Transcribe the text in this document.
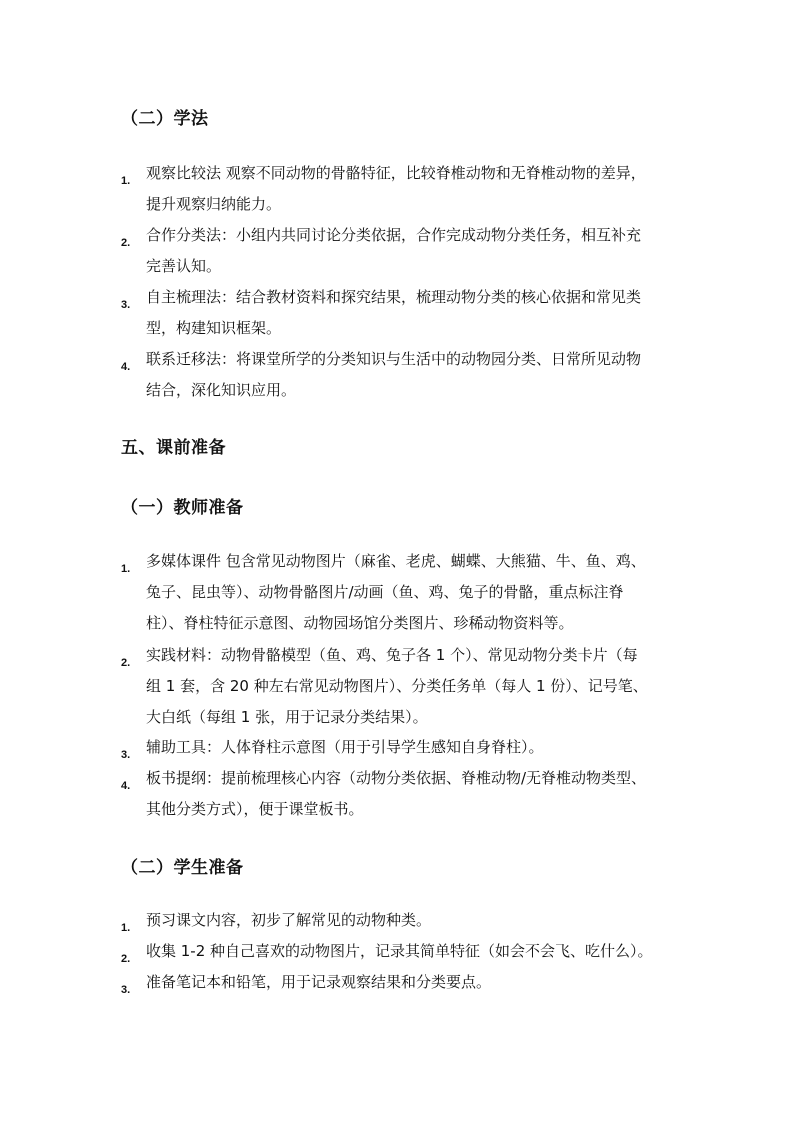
（二）学法
1. 观察比较法 观察不同动物的骨骼特征，比较脊椎动物和无脊椎动物的差异，
提升观察归纳能力。
2. 合作分类法：小组内共同讨论分类依据，合作完成动物分类任务，相互补充
完善认知。
3. 自主梳理法：结合教材资料和探究结果，梳理动物分类的核心依据和常见类
型，构建知识框架。
4. 联系迁移法：将课堂所学的分类知识与生活中的动物园分类、日常所见动物
结合，深化知识应用。
五、课前准备
（一）教师准备
1. 多媒体课件 包含常见动物图片（麻雀、老虎、蝴蝶、大熊猫、牛、鱼、鸡、
兔子、昆虫等）、动物骨骼图片/动画（鱼、鸡、兔子的骨骼，重点标注脊
柱）、脊柱特征示意图、动物园场馆分类图片、珍稀动物资料等。
2. 实践材料：动物骨骼模型（鱼、鸡、兔子各 1 个）、常见动物分类卡片（每
组 1 套，含 20 种左右常见动物图片）、分类任务单（每人 1 份）、记号笔、
大白纸（每组 1 张，用于记录分类结果）。
3. 辅助工具：人体脊柱示意图（用于引导学生感知自身脊柱）。
4. 板书提纲：提前梳理核心内容（动物分类依据、脊椎动物/无脊椎动物类型、
其他分类方式），便于课堂板书。
（二）学生准备
1. 预习课文内容，初步了解常见的动物种类。
2. 收集 1-2 种自己喜欢的动物图片，记录其简单特征（如会不会飞、吃什么）。
3. 准备笔记本和铅笔，用于记录观察结果和分类要点。
